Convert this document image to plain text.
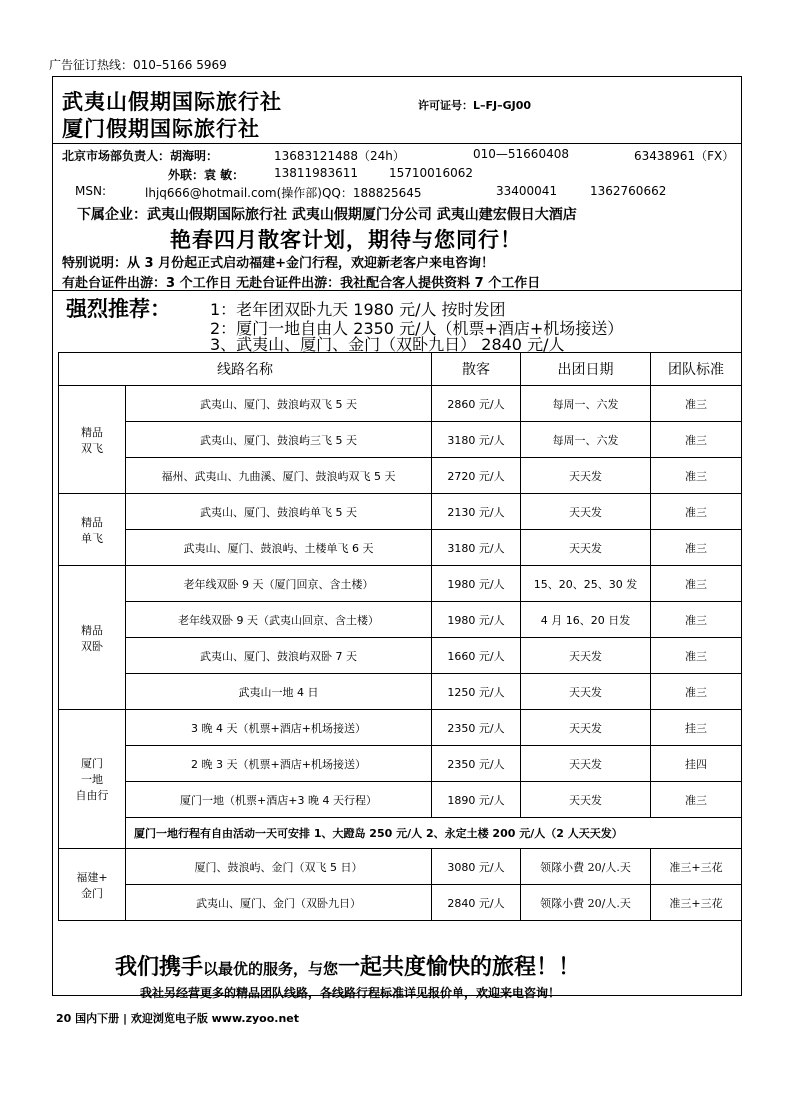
广告征订热线：010–5166 5969
武夷山假期国际旅行社
厦门假期国际旅行社
许可证号：L–FJ–GJ00
北京市场部负责人：胡海明：	13683121488（24h）	010—51660408	63438961（FX）
外联：袁 敏： 13811983611	15710016062
MSN:	lhjq666@hotmail.com(操作部)QQ：188825645	33400041	1362760662
下属企业：武夷山假期国际旅行社 武夷山假期厦门分公司 武夷山建宏假日大酒店
艳春四月散客计划，期待与您同行！
特别说明：从 3 月份起正式启动福建+金门行程，欢迎新老客户来电咨询！
有赴台证件出游：3 个工作日 无赴台证件出游：我社配合客人提供资料 7 个工作日
强烈推荐： 1：老年团双卧九天 1980 元/人 按时发团
2：厦门一地自由人 2350 元/人（机票+酒店+机场接送）
3、武夷山、厦门、金门（双卧九日） 2840 元/人
线路名称		散客	出团日期	团队标准

精品
双飞	武夷山、厦门、鼓浪屿双飞 5 天	2860 元/人	每周一、六发	准三
	武夷山、厦门、鼓浪屿三飞 5 天	3180 元/人	每周一、六发	准三
	福州、武夷山、九曲溪、厦门、鼓浪屿双飞 5 天	2720 元/人	天天发	准三

精品
单飞	武夷山、厦门、鼓浪屿单飞 5 天	2130 元/人	天天发	准三
	武夷山、厦门、鼓浪屿、土楼单飞 6 天	3180 元/人	天天发	准三

精品
双卧	老年线双卧 9 天（厦门回京、含土楼）	1980 元/人	15、20、25、30 发	准三
	老年线双卧 9 天（武夷山回京、含土楼）	1980 元/人	4 月 16、20 日发	准三
	武夷山、厦门、鼓浪屿双卧 7 天	1660 元/人	天天发	准三
	武夷山一地 4 日	1250 元/人	天天发	准三

厦门
一地
自由行	3 晚 4 天（机票+酒店+机场接送）	2350 元/人	天天发	挂三
	2 晚 3 天（机票+酒店+机场接送）	2350 元/人	天天发	挂四
	厦门一地（机票+酒店+3 晚 4 天行程）	1890 元/人	天天发	准三
	厦门一地行程有自由活动一天可安排 1、大蹬岛 250 元/人 2、永定土楼 200 元/人（2 人天天发）			

福建+
金门	厦门、鼓浪屿、金门（双飞 5 日）	3080 元/人	领隊小費 20/人.天	准三+三花
	武夷山、厦门、金门（双卧九日）	2840 元/人	领隊小費 20/人.天	准三+三花
我们携手以最优的服务，与您一起共度愉快的旅程！！
我社另经营更多的精品团队线路，各线路行程标准详见报价单，欢迎来电咨询！
20 国内下册 | 欢迎浏览电子版 www.zyoo.net
